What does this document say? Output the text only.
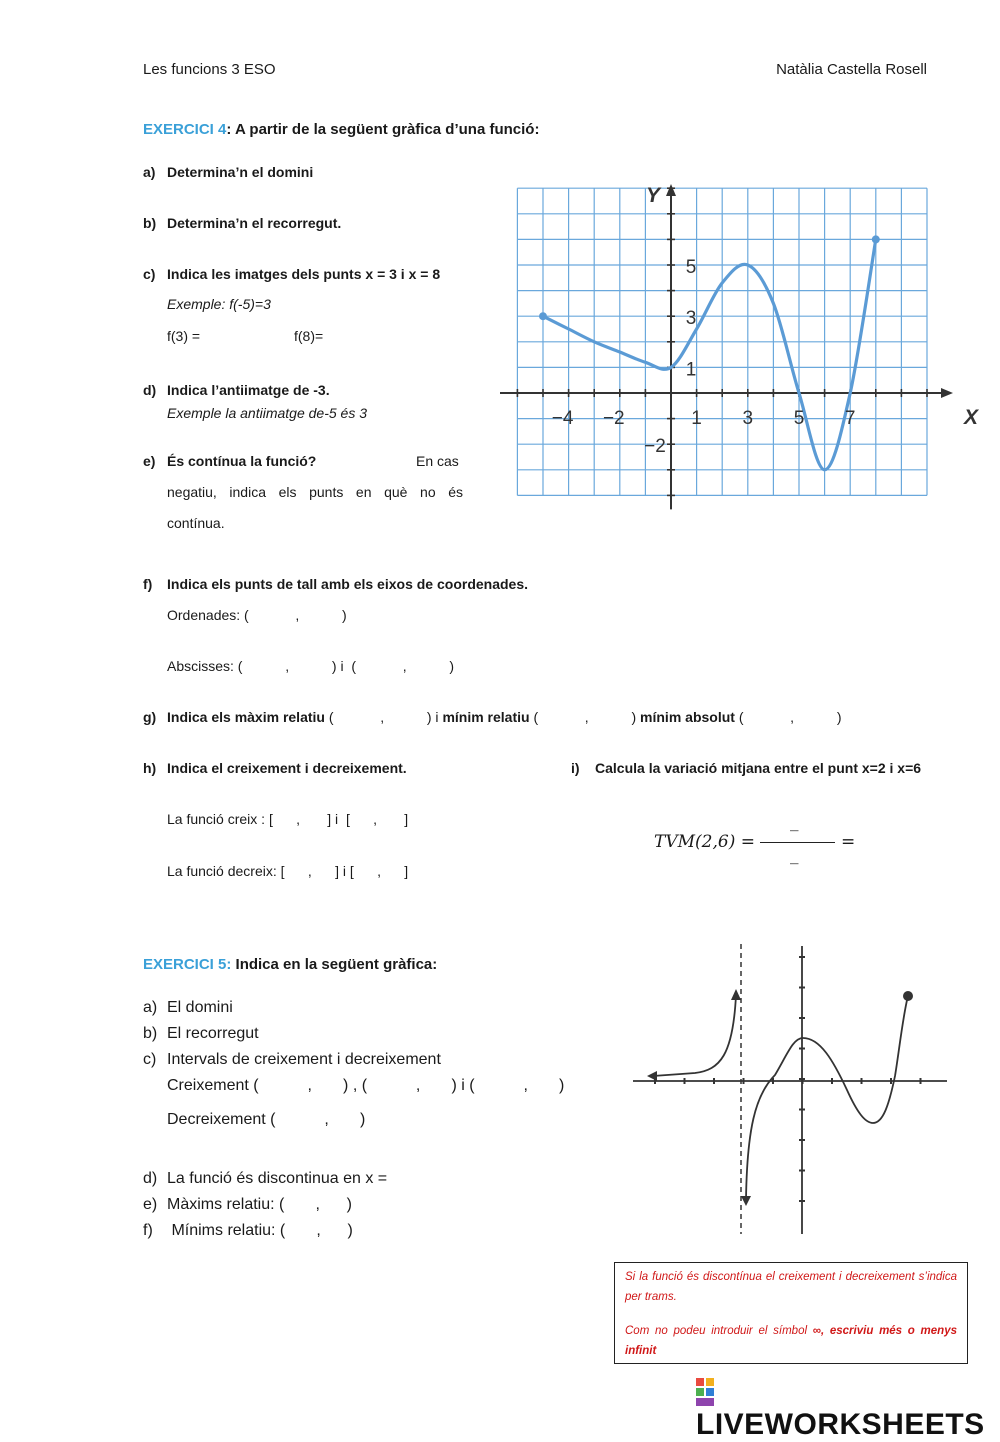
Les funcions 3 ESO	Natàlia Castella Rosell
EXERCICI 4: A partir de la següent gràfica d’una funció:
a) Determina’n el domini
b) Determina’n el recorregut.
c) Indica les imatges dels punts x = 3 i x = 8
Exemple: f(-5)=3
f(3) =	f(8)=
d) Indica l’antiimatge de -3.
Exemple la antiimatge de-5 és 3
e) És contínua la funció?	En cas
negatiu, indica els punts en què no és
contínua.
f) Indica els punts de tall amb els eixos de coordenades.
Ordenades: (            ,           )
Abscisses: (           ,           ) i  (            ,           )
g) Indica els màxim relatiu (            ,           ) i mínim relatiu (            ,           ) mínim absolut (            ,           )
h) Indica el creixement i decreixement.
La funció creix : [      ,       ] i  [      ,       ]
La funció decreix: [      ,      ] i [      ,      ]
i) Calcula la variació mitjana entre el punt x=2 i x=6
TVM(2,6) =
_
_
=
−4 −2	1 3 5 7
5
3
1
−2
X
Y
EXERCICI 5: Indica en la següent gràfica:
a) El domini
b) El recorregut
c) Intervals de creixement i decreixement
Creixement (           ,       ) , (           ,       ) i (           ,       )
Decreixement (           ,       )
d) La funció és discontinua en x =
e) Màxims relatiu: (       ,      )
f) Mínims relatiu: (       ,      )

Si la funció és discontínua el creixement i decreixement s’indica per trams.

Com no podeu introduir el símbol ∞, escriviu més o menys infinit

LIVEWORKSHEETS
